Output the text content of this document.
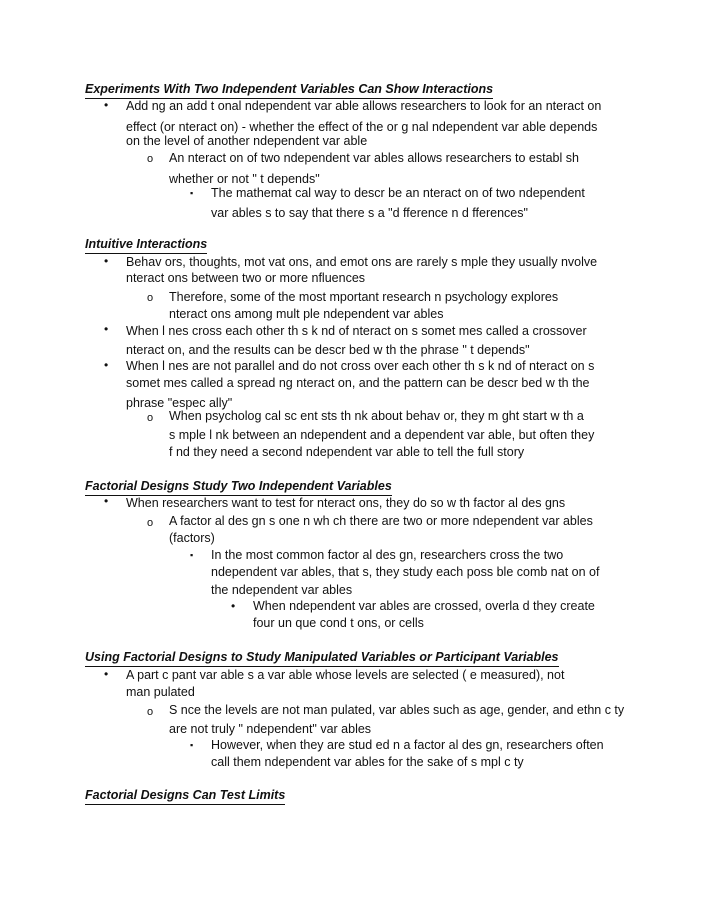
Experiments With Two Independent Variables Can Show Interactions
• Add ng an add t onal ndependent var able allows researchers to look for an nteract on
effect (or nteract on) - whether the effect of the or g nal ndependent var able depends
on the level of another ndependent var able
o An nteract on of two ndependent var ables allows researchers to establ sh
whether or not " t depends"
▪ The mathemat cal way to descr be an nteract on of two ndependent
var ables s to say that there s a "d fference n d fferences"
Intuitive Interactions
• Behav ors, thoughts, mot vat ons, and emot ons are rarely s mple they usually nvolve
nteract ons between two or more nfluences
o Therefore, some of the most mportant research n psychology explores
nteract ons among mult ple ndependent var ables
• When l nes cross each other th s k nd of nteract on s somet mes called a crossover
nteract on, and the results can be descr bed w th the phrase " t depends"
• When l nes are not parallel and do not cross over each other th s k nd of nteract on s
somet mes called a spread ng nteract on, and the pattern can be descr bed w th the
phrase "espec ally"
o When psycholog cal sc ent sts th nk about behav or, they m ght start w th a
s mple l nk between an ndependent and a dependent var able, but often they
f nd they need a second ndependent var able to tell the full story
Factorial Designs Study Two Independent Variables
• When researchers want to test for nteract ons, they do so w th factor al des gns
o A factor al des gn s one n wh ch there are two or more ndependent var ables
(factors)
▪ In the most common factor al des gn, researchers cross the two
ndependent var ables, that s, they study each poss ble comb nat on of
the ndependent var ables
• When ndependent var ables are crossed, overla d they create
four un que cond t ons, or cells
Using Factorial Designs to Study Manipulated Variables or Participant Variables
• A part c pant var able s a var able whose levels are selected ( e measured), not
man pulated
o S nce the levels are not man pulated, var ables such as age, gender, and ethn c ty
are not truly " ndependent" var ables
▪ However, when they are stud ed n a factor al des gn, researchers often
call them ndependent var ables for the sake of s mpl c ty
Factorial Designs Can Test Limits
